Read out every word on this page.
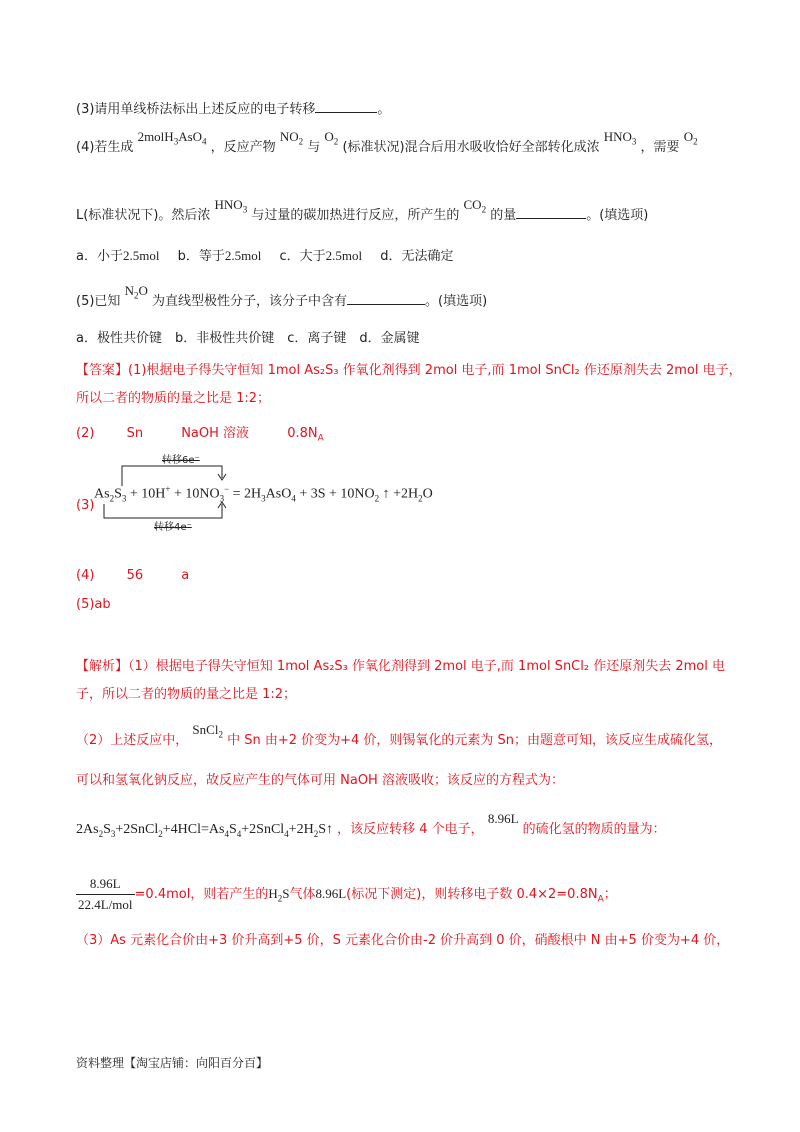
(3)请用单线桥法标出上述反应的电子转移	。
(4)若生成 2molH$_3$AsO$_4$ ，反应产物 $NO_2$ 与 $O_2$ (标准状况)混合后用水吸收恰好全部转化成浓 $HNO_3$ ，需要 $O_2$
L(标准状况下)。然后浓 $HNO_3$ 与过量的碳加热进行反应，所产生的 $CO_2$ 的量	。(填选项)
a．小于2.5mol b．等于2.5mol c．大于2.5mol d．无法确定
(5)已知 $N_2O$ 为直线型极性分子，该分子中含有	。(填选项)
a．极性共价键　b．非极性共价键　c．离子键　d．金属键
【答案】(1)根据电子得失守恒知 1mol As₂S₃ 作氧化剂得到 2mol 电子,而 1mol SnCl₂ 作还原剂失去 2mol 电子，
所以二者的物质的量之比是 1:2；
(2) Sn	NaOH 溶液	$0.8N_A$
(3)
转移6e⁻
转移4e⁻
$As_2S_3 + 10H^+ + 10NO_3^- = 2H_3AsO_4 + 3S + 10NO_2$ ↑ $+2H_2O$
(4) 56	a
(5)ab
【解析】（1）根据电子得失守恒知 1mol As₂S₃ 作氧化剂得到 2mol 电子,而 1mol SnCl₂ 作还原剂失去 2mol 电
子，所以二者的物质的量之比是 1:2；
（2）上述反应中， SnCl$_2$ 中 Sn 由+2 价变为+4 价，则锡氧化的元素为 Sn；由题意可知，该反应生成硫化氢，
可以和氢氧化钠反应，故反应产生的气体可用 NaOH 溶液吸收；该反应的方程式为：
$2As_2S_3+2SnCl_2+4HCl=As_4S_4+2SnCl_4+2H_2S↑$ ，该反应转移 4 个电子， 8.96L 的硫化氢的物质的量为：
$\frac{8.96L}{\text{22.4L/mol}} =0.4mol$，则若产生的$H_2S$气体8.96L(标况下测定)，则转移电子数 $0.4\times 2=0.8N_A$；
（3）As 元素化合价由+3 价升高到+5 价，S 元素化合价由-2 价升高到 0 价，硝酸根中 N 由+5 价变为+4 价，
资料整理【淘宝店铺：向阳百分百】
